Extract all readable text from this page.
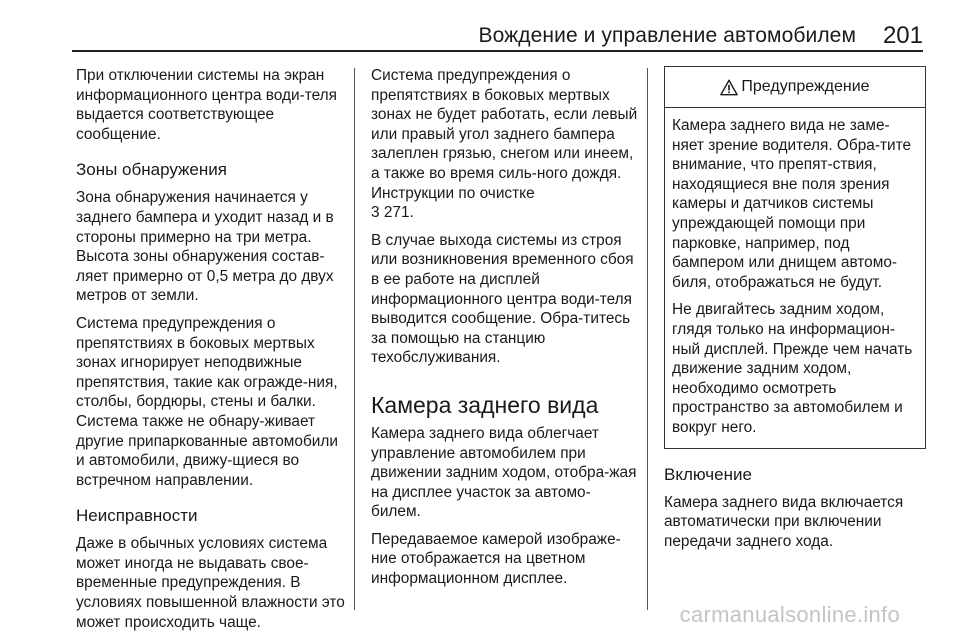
Вождение и управление автомобилем 201

При отключении системы на экран информационного центра води-теля выдается соответствующее сообщение.

Зоны обнаружения

Зона обнаружения начинается у заднего бампера и уходит назад и в стороны примерно на три метра. Высота зоны обнаружения состав-ляет примерно от 0,5 метра до двух метров от земли.

Система предупреждения о препятствиях в боковых мертвых зонах игнорирует неподвижные препятствия, такие как огражде-ния, столбы, бордюры, стены и балки. Система также не обнару-живает другие припаркованные автомобили и автомобили, движу-щиеся во встречном направлении.

Неисправности

Даже в обычных условиях система может иногда не выдавать свое-временные предупреждения. В условиях повышенной влажности это может происходить чаще.

Система предупреждения о препятствиях в боковых мертвых зонах не будет работать, если левый или правый угол заднего бампера залеплен грязью, снегом или инеем, а также во время силь-ного дождя. Инструкции по очистке
3 271.

В случае выхода системы из строя или возникновения временного сбоя в ее работе на дисплей информационного центра води-теля выводится сообщение. Обра-титесь за помощью на станцию техобслуживания.

Камера заднего вида

Камера заднего вида облегчает управление автомобилем при движении задним ходом, отобра-жая на дисплее участок за автомо-билем.

Передаваемое камерой изображе-ние отображается на цветном информационном дисплее.

Предупреждение

Камера заднего вида не заме-няет зрение водителя. Обра-тите внимание, что препят-ствия, находящиеся вне поля зрения камеры и датчиков системы упреждающей помощи при парковке, например, под бампером или днищем автомо-биля, отображаться не будут.

Не двигайтесь задним ходом, глядя только на информацион-ный дисплей. Прежде чем начать движение задним ходом, необходимо осмотреть пространство за автомобилем и вокруг него.

Включение

Камера заднего вида включается автоматически при включении передачи заднего хода.

carmanualsonline.info
